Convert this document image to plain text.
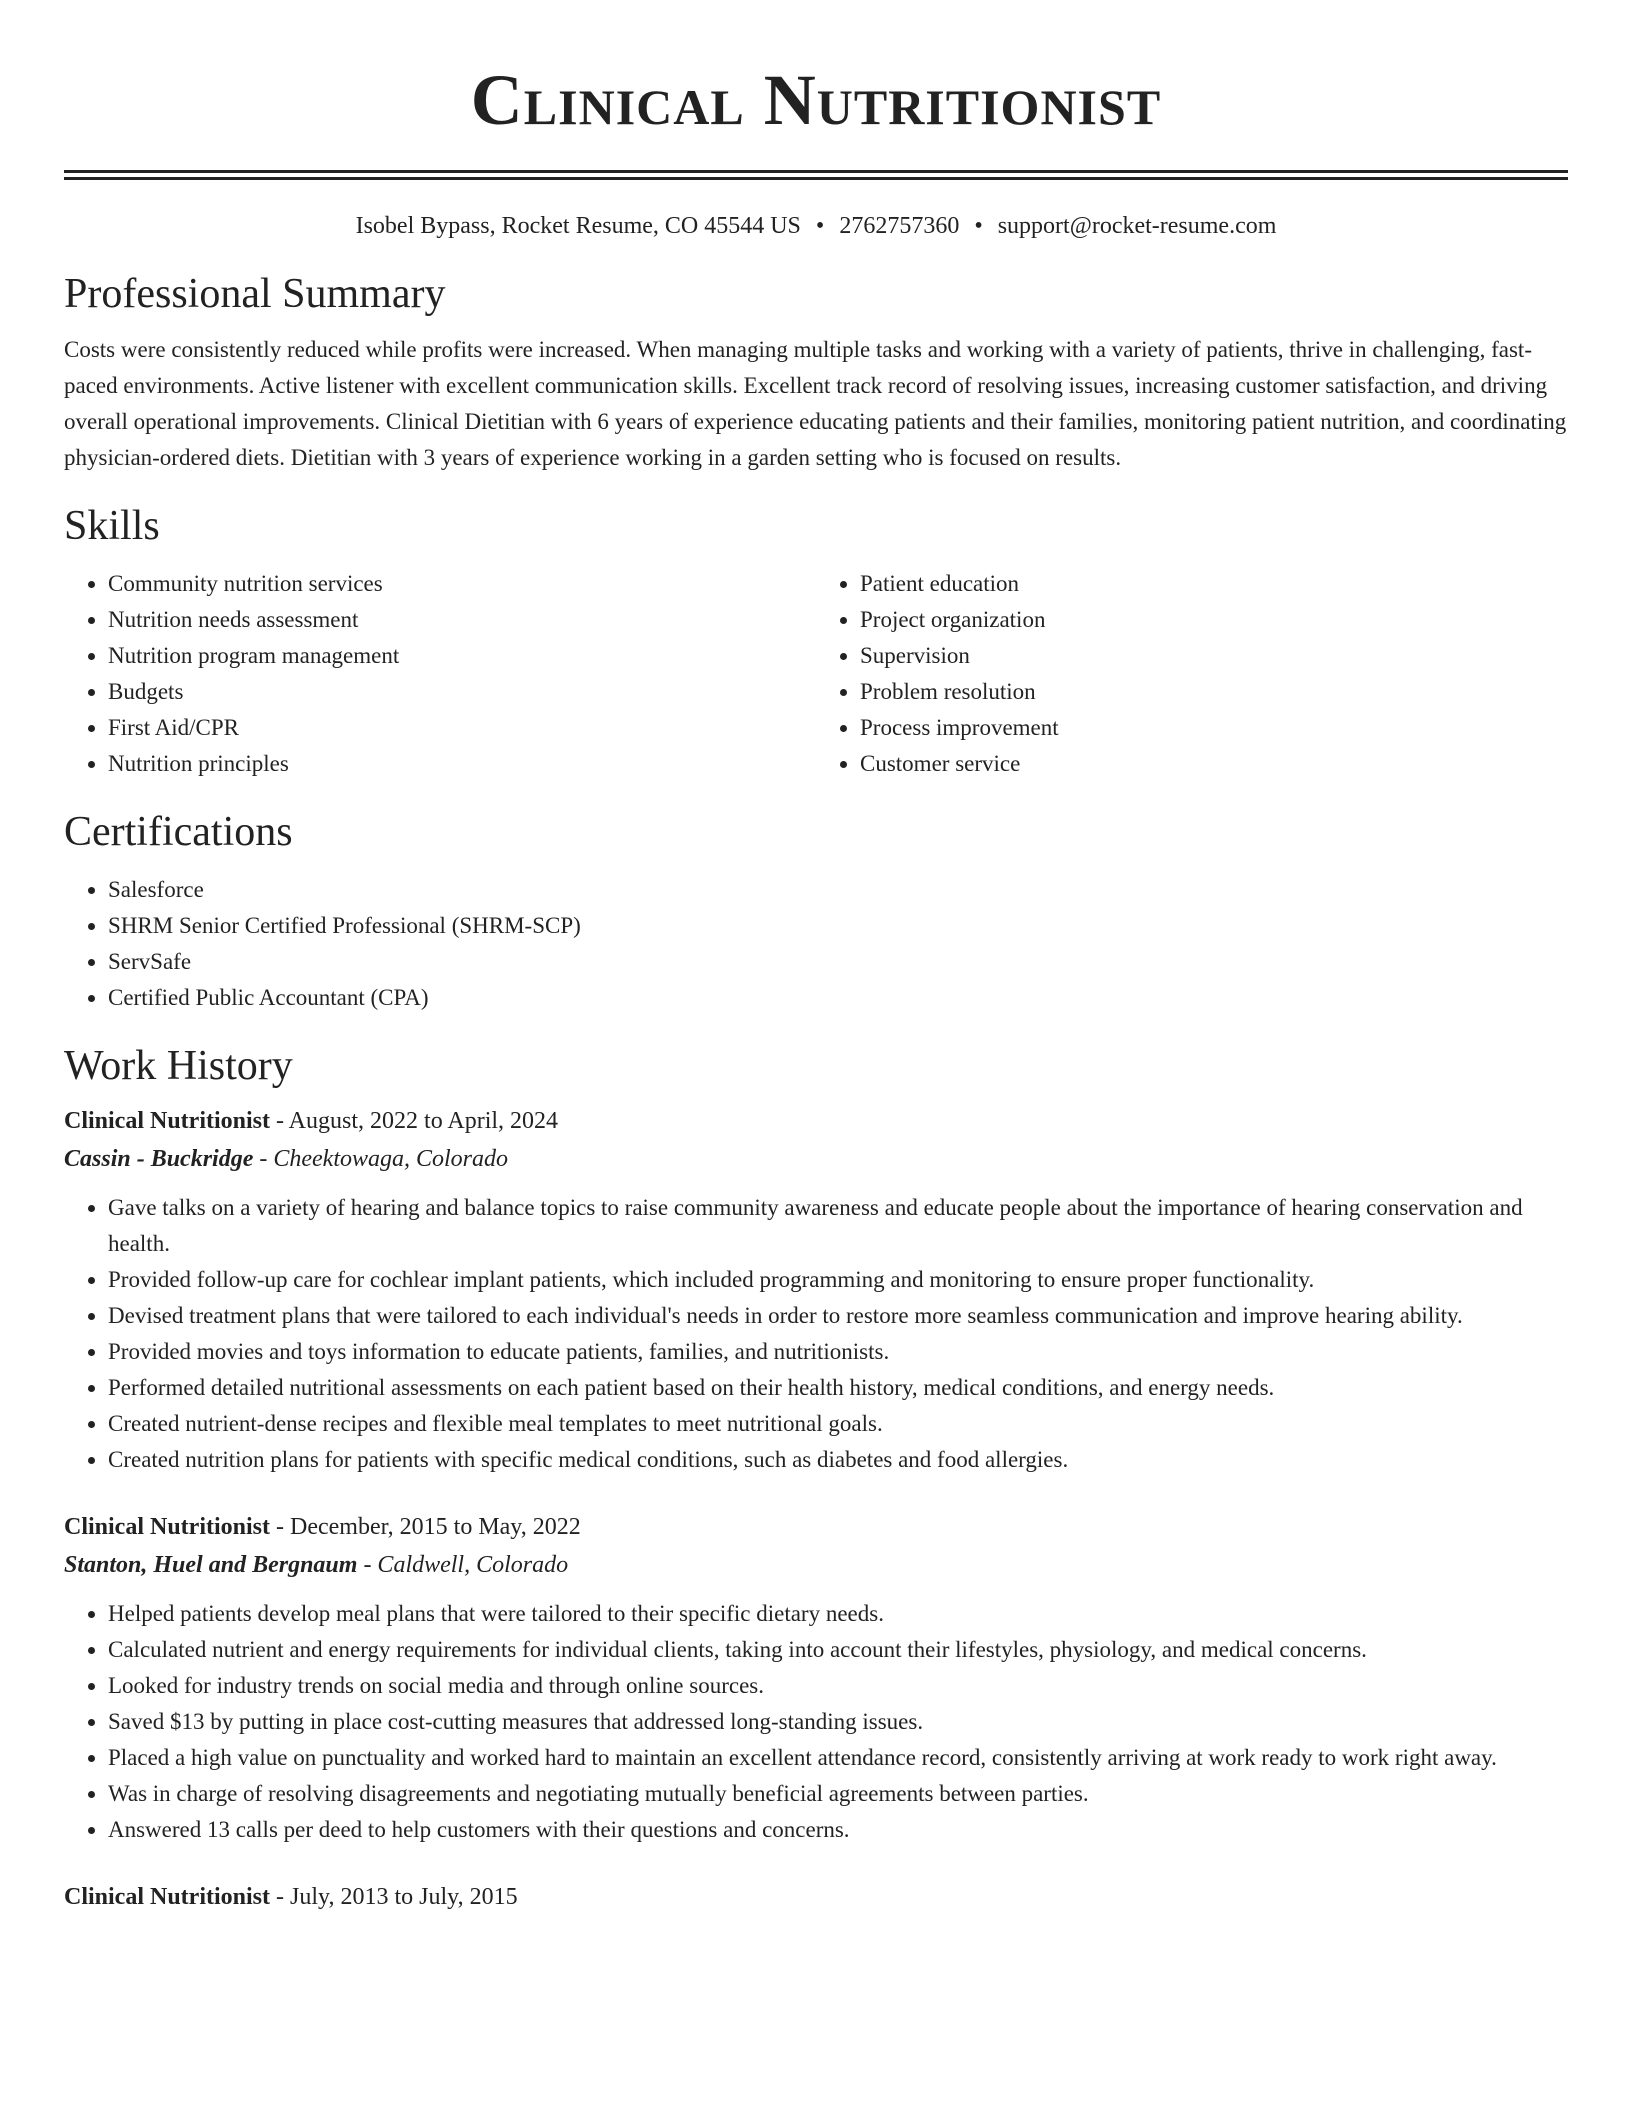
Clinical Nutritionist
Isobel Bypass, Rocket Resume, CO 45544 US • 2762757360 • support@rocket-resume.com
Professional Summary

Costs were consistently reduced while profits were increased. When managing multiple tasks and working with a variety of patients, thrive in challenging, fast-paced environments. Active listener with excellent communication skills. Excellent track record of resolving issues, increasing customer satisfaction, and driving overall operational improvements. Clinical Dietitian with 6 years of experience educating patients and their families, monitoring patient nutrition, and coordinating physician-ordered diets. Dietitian with 3 years of experience working in a garden setting who is focused on results.

Skills
• Community nutrition services
• Nutrition needs assessment
• Nutrition program management
• Budgets
• First Aid/CPR
• Nutrition principles
• Patient education
• Project organization
• Supervision
• Problem resolution
• Process improvement
• Customer service
Certifications
• Salesforce
• SHRM Senior Certified Professional (SHRM-SCP)
• ServSafe
• Certified Public Accountant (CPA)
Work History
Clinical Nutritionist - August, 2022 to April, 2024
Cassin - Buckridge - Cheektowaga, Colorado
• Gave talks on a variety of hearing and balance topics to raise community awareness and educate people about the importance of hearing conservation and health.
• Provided follow-up care for cochlear implant patients, which included programming and monitoring to ensure proper functionality.
• Devised treatment plans that were tailored to each individual's needs in order to restore more seamless communication and improve hearing ability.
• Provided movies and toys information to educate patients, families, and nutritionists.
• Performed detailed nutritional assessments on each patient based on their health history, medical conditions, and energy needs.
• Created nutrient-dense recipes and flexible meal templates to meet nutritional goals.
• Created nutrition plans for patients with specific medical conditions, such as diabetes and food allergies.
Clinical Nutritionist - December, 2015 to May, 2022
Stanton, Huel and Bergnaum - Caldwell, Colorado
• Helped patients develop meal plans that were tailored to their specific dietary needs.
• Calculated nutrient and energy requirements for individual clients, taking into account their lifestyles, physiology, and medical concerns.
• Looked for industry trends on social media and through online sources.
• Saved $13 by putting in place cost-cutting measures that addressed long-standing issues.
• Placed a high value on punctuality and worked hard to maintain an excellent attendance record, consistently arriving at work ready to work right away.
• Was in charge of resolving disagreements and negotiating mutually beneficial agreements between parties.
• Answered 13 calls per deed to help customers with their questions and concerns.
Clinical Nutritionist - July, 2013 to July, 2015
